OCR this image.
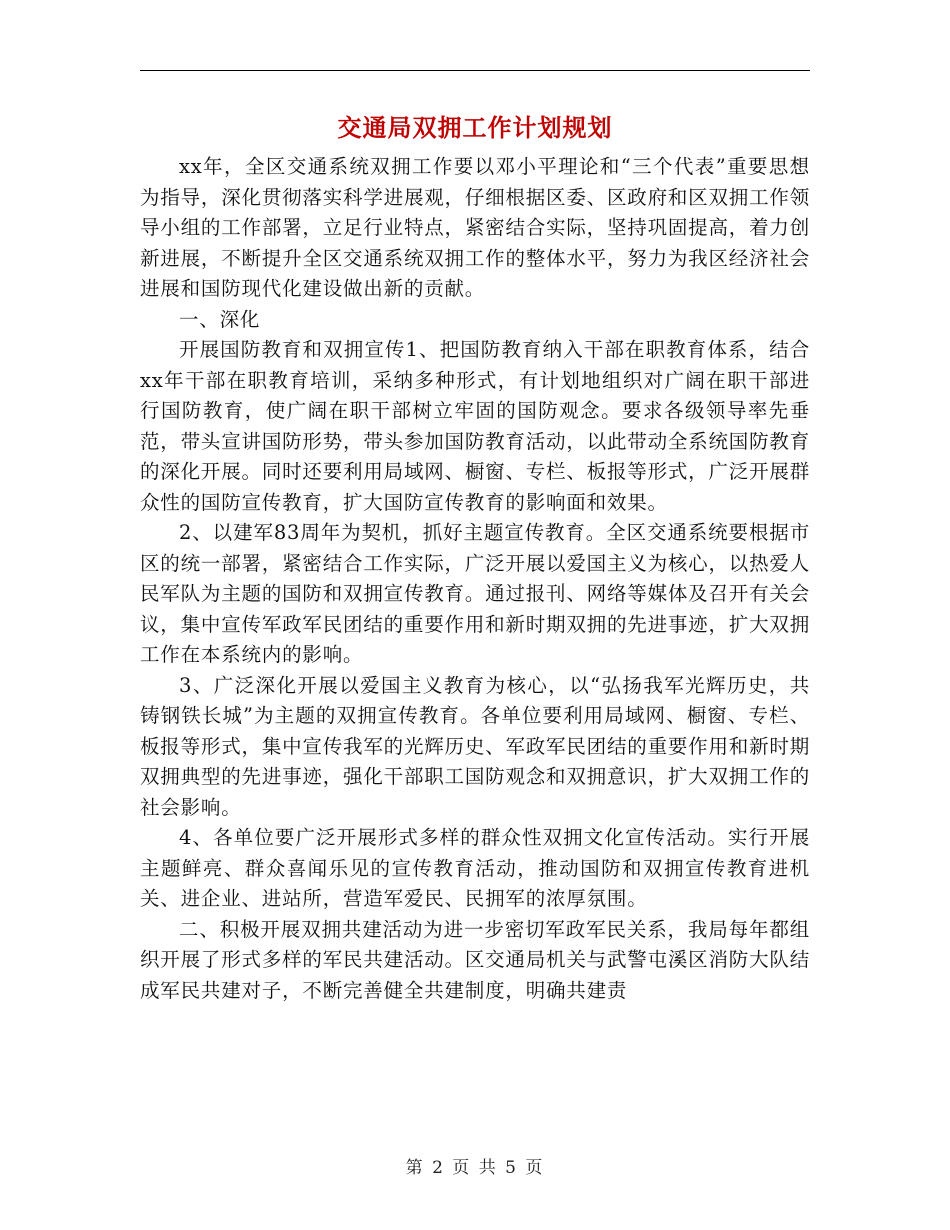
交通局双拥工作计划规划

xx年，全区交通系统双拥工作要以邓小平理论和“三个代表”重要思想为指导，深化贯彻落实科学进展观，仔细根据区委、区政府和区双拥工作领导小组的工作部署，立足行业特点，紧密结合实际，坚持巩固提高，着力创新进展，不断提升全区交通系统双拥工作的整体水平，努力为我区经济社会进展和国防现代化建设做出新的贡献。

一、深化

开展国防教育和双拥宣传1、把国防教育纳入干部在职教育体系，结合xx年干部在职教育培训，采纳多种形式，有计划地组织对广阔在职干部进行国防教育，使广阔在职干部树立牢固的国防观念。要求各级领导率先垂范，带头宣讲国防形势，带头参加国防教育活动，以此带动全系统国防教育的深化开展。同时还要利用局域网、橱窗、专栏、板报等形式，广泛开展群众性的国防宣传教育，扩大国防宣传教育的影响面和效果。

2、以建军83周年为契机，抓好主题宣传教育。全区交通系统要根据市区的统一部署，紧密结合工作实际，广泛开展以爱国主义为核心，以热爱人民军队为主题的国防和双拥宣传教育。通过报刊、网络等媒体及召开有关会议，集中宣传军政军民团结的重要作用和新时期双拥的先进事迹，扩大双拥工作在本系统内的影响。

3、广泛深化开展以爱国主义教育为核心，以“弘扬我军光辉历史，共铸钢铁长城”为主题的双拥宣传教育。各单位要利用局域网、橱窗、专栏、板报等形式，集中宣传我军的光辉历史、军政军民团结的重要作用和新时期双拥典型的先进事迹，强化干部职工国防观念和双拥意识，扩大双拥工作的社会影响。

4、各单位要广泛开展形式多样的群众性双拥文化宣传活动。实行开展主题鲜亮、群众喜闻乐见的宣传教育活动，推动国防和双拥宣传教育进机关、进企业、进站所，营造军爱民、民拥军的浓厚氛围。

二、积极开展双拥共建活动为进一步密切军政军民关系，我局每年都组织开展了形式多样的军民共建活动。区交通局机关与武警屯溪区消防大队结成军民共建对子，不断完善健全共建制度，明确共建责

第 2 页 共 5 页
